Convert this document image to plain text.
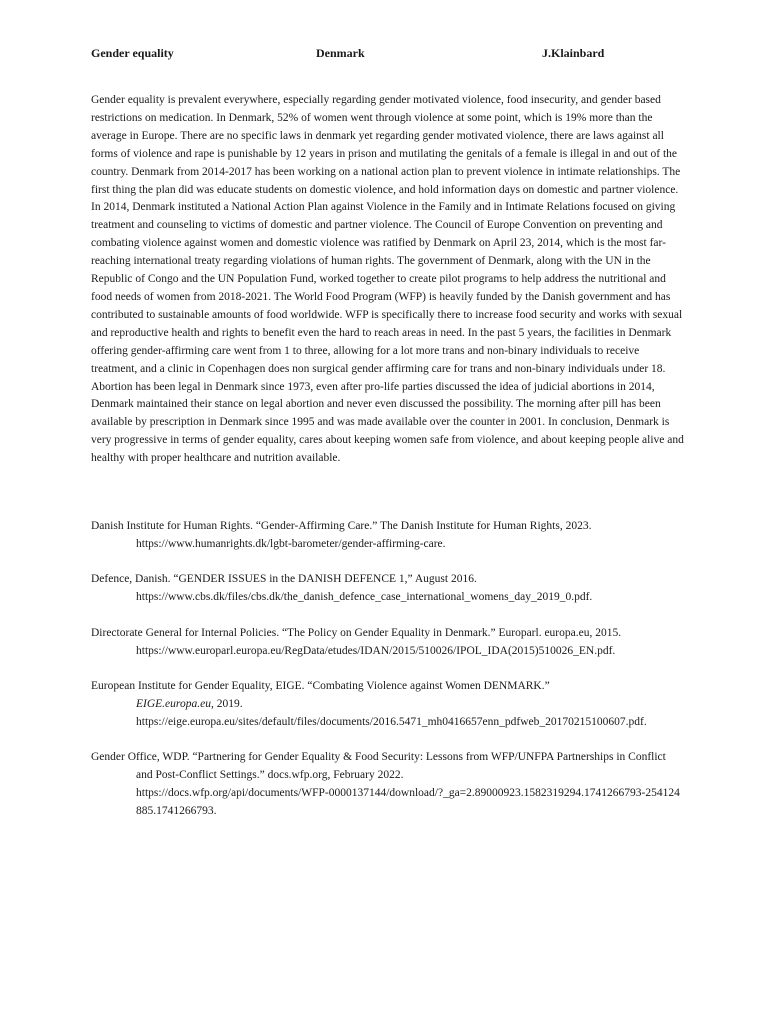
Gender equality	Denmark	J.Klainbard

Gender equality is prevalent everywhere, especially regarding gender motivated violence, food insecurity, and gender based restrictions on medication. In Denmark, 52% of women went through violence at some point, which is 19% more than the average in Europe. There are no specific laws in denmark yet regarding gender motivated violence, there are laws against all forms of violence and rape is punishable by 12 years in prison and mutilating the genitals of a female is illegal in and out of the country. Denmark from 2014-2017 has been working on a national action plan to prevent violence in intimate relationships. The first thing the plan did was educate students on domestic violence, and hold information days on domestic and partner violence. In 2014, Denmark instituted a National Action Plan against Violence in the Family and in Intimate Relations focused on giving treatment and counseling to victims of domestic and partner violence. The Council of Europe Convention on preventing and combating violence against women and domestic violence was ratified by Denmark on April 23, 2014, which is the most far-reaching international treaty regarding violations of human rights. The government of Denmark, along with the UN in the Republic of Congo and the UN Population Fund, worked together to create pilot programs to help address the nutritional and food needs of women from 2018-2021. The World Food Program (WFP) is heavily funded by the Danish government and has contributed to sustainable amounts of food worldwide. WFP is specifically there to increase food security and works with sexual and reproductive health and rights to benefit even the hard to reach areas in need. In the past 5 years, the facilities in Denmark offering gender-affirming care went from 1 to three, allowing for a lot more trans and non-binary individuals to receive treatment, and a clinic in Copenhagen does non surgical gender affirming care for trans and non-binary individuals under 18. Abortion has been legal in Denmark since 1973, even after pro-life parties discussed the idea of judicial abortions in 2014, Denmark maintained their stance on legal abortion and never even discussed the possibility. The morning after pill has been available by prescription in Denmark since 1995 and was made available over the counter in 2001. In conclusion, Denmark is very progressive in terms of gender equality, cares about keeping women safe from violence, and about keeping people alive and healthy with proper healthcare and nutrition available.

Danish Institute for Human Rights. “Gender-Affirming Care.” The Danish Institute for Human Rights, 2023.
https://www.humanrights.dk/lgbt-barometer/gender-affirming-care.

Defence, Danish. “GENDER ISSUES in the DANISH DEFENCE 1,” August 2016.
https://www.cbs.dk/files/cbs.dk/the_danish_defence_case_international_womens_day_2019_0.pdf.

Directorate General for Internal Policies. “The Policy on Gender Equality in Denmark.” Europarl. europa.eu, 2015.
https://www.europarl.europa.eu/RegData/etudes/IDAN/2015/510026/IPOL_IDA(2015)510026_EN.pdf.

European Institute for Gender Equality, EIGE. “Combating Violence against Women DENMARK.”
EIGE.europa.eu, 2019.
https://eige.europa.eu/sites/default/files/documents/2016.5471_mh0416657enn_pdfweb_20170215100607.pdf.

Gender Office, WDP. “Partnering for Gender Equality & Food Security: Lessons from WFP/UNFPA Partnerships in Conflict and Post-Conflict Settings.” docs.wfp.org, February 2022.
https://docs.wfp.org/api/documents/WFP-0000137144/download/?_ga=2.89000923.1582319294.1741266793-254124885.1741266793.
